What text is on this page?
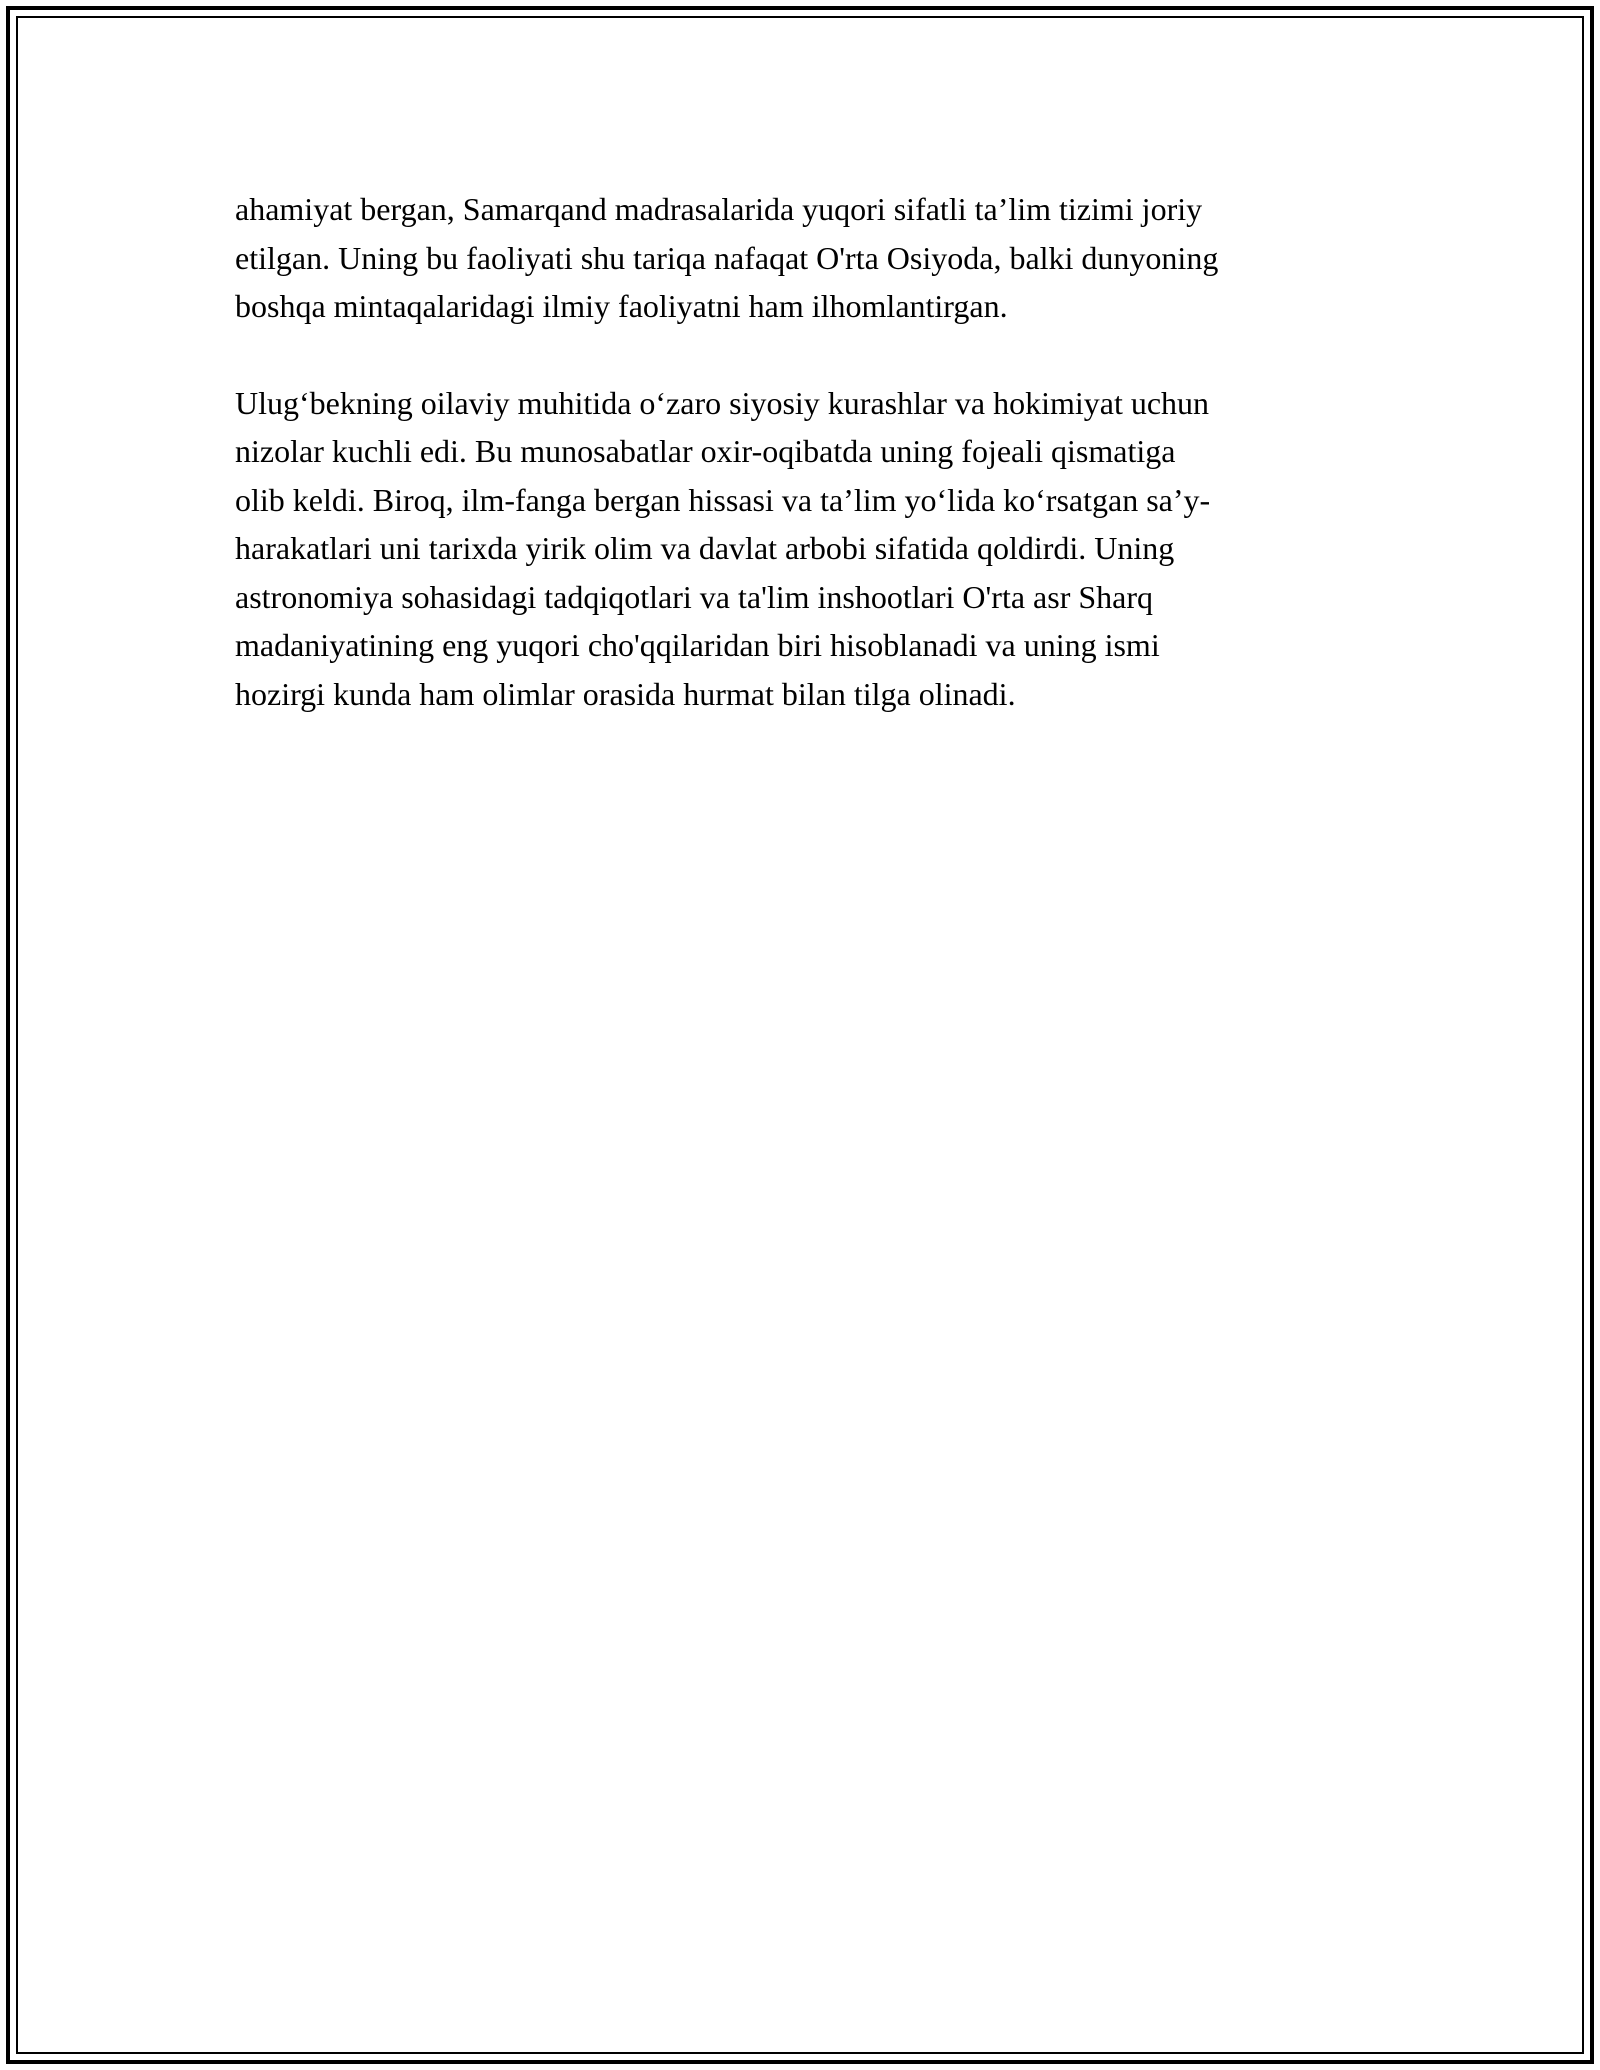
ahamiyat bergan, Samarqand madrasalarida yuqori sifatli ta’lim tizimi joriy
etilgan. Uning bu faoliyati shu tariqa nafaqat O'rta Osiyoda, balki dunyoning
boshqa mintaqalaridagi ilmiy faoliyatni ham ilhomlantirgan.

Ulug‘bekning oilaviy muhitida o‘zaro siyosiy kurashlar va hokimiyat uchun
nizolar kuchli edi. Bu munosabatlar oxir-oqibatda uning fojeali qismatiga
olib keldi. Biroq, ilm-fanga bergan hissasi va ta’lim yo‘lida ko‘rsatgan sa’y-
harakatlari uni tarixda yirik olim va davlat arbobi sifatida qoldirdi. Uning
astronomiya sohasidagi tadqiqotlari va ta'lim inshootlari O'rta asr Sharq
madaniyatining eng yuqori cho'qqilaridan biri hisoblanadi va uning ismi
hozirgi kunda ham olimlar orasida hurmat bilan tilga olinadi.
